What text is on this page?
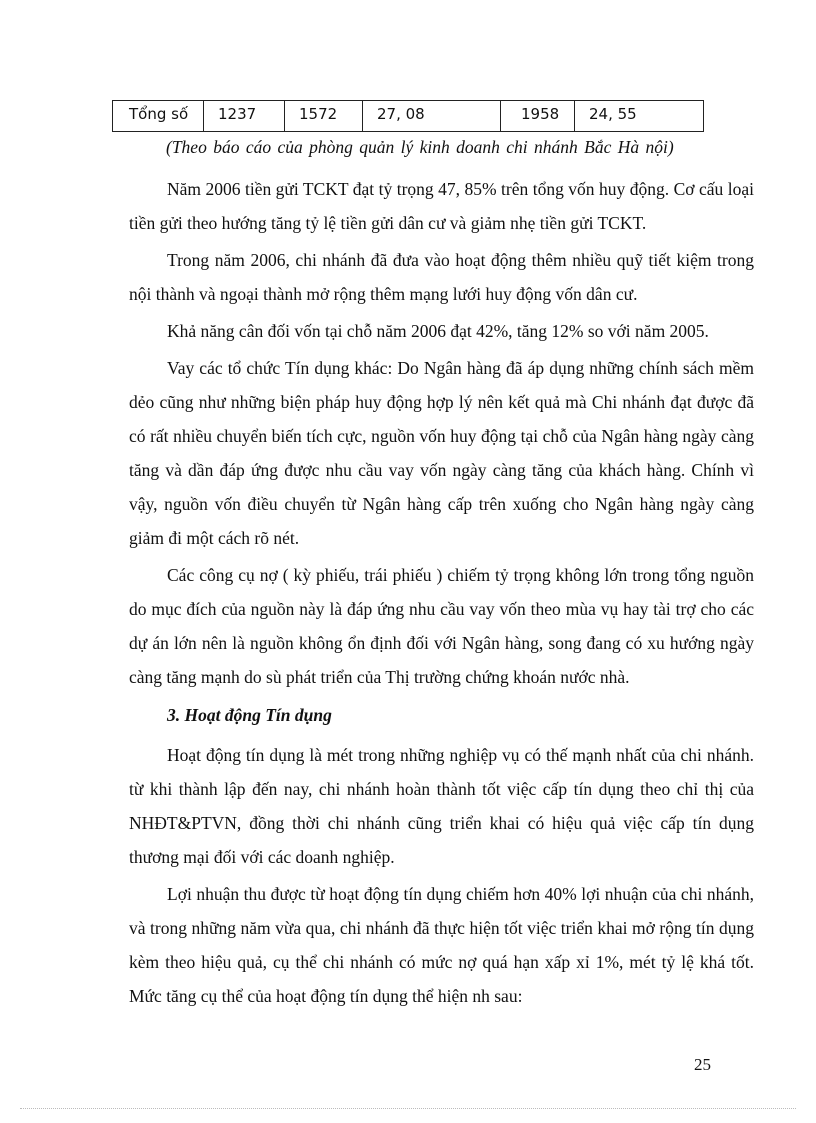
Tổng số	1237	1572	27, 08	1958	24, 55
(Theo báo cáo của phòng quản lý kinh doanh chi nhánh Bắc Hà nội)

Năm 2006 tiền gửi TCKT đạt tỷ trọng 47, 85% trên tổng vốn huy động. Cơ cấu loại tiền gửi theo hướng tăng tỷ lệ tiền gửi dân cư và giảm nhẹ tiền gửi TCKT.

Trong năm 2006, chi nhánh đã đưa vào hoạt động thêm nhiều quỹ tiết kiệm trong nội thành và ngoại thành mở rộng thêm mạng lưới huy động vốn dân cư.

Khả năng cân đối vốn tại chỗ năm 2006 đạt 42%, tăng 12% so với năm 2005.

Vay các tổ chức Tín dụng khác: Do Ngân hàng đã áp dụng những chính sách mềm dẻo cũng như những biện pháp huy động hợp lý nên kết quả mà Chi nhánh đạt được đã có rất nhiều chuyển biến tích cực, nguồn vốn huy động tại chỗ của Ngân hàng ngày càng tăng và dần đáp ứng được nhu cầu vay vốn ngày càng tăng của khách hàng. Chính vì vậy, nguồn vốn điều chuyển từ Ngân hàng cấp trên xuống cho Ngân hàng ngày càng giảm đi một cách rõ nét.

Các công cụ nợ ( kỳ phiếu, trái phiếu ) chiếm tỷ trọng không lớn trong tổng nguồn do mục đích của nguồn này là đáp ứng nhu cầu vay vốn theo mùa vụ hay tài trợ cho các dự án lớn nên là nguồn không ổn định đối với Ngân hàng, song đang có xu hướng ngày càng tăng mạnh do sù phát triển của Thị trường chứng khoán nước nhà.

3. Hoạt động Tín dụng

Hoạt động tín dụng là mét trong những nghiệp vụ có thế mạnh nhất của chi nhánh. từ khi thành lập đến nay, chi nhánh hoàn thành tốt việc cấp tín dụng theo chỉ thị của NHĐT&PTVN, đồng thời chi nhánh cũng triển khai có hiệu quả việc cấp tín dụng thương mại đối với các doanh nghiệp.

Lợi nhuận thu được từ hoạt động tín dụng chiếm hơn 40% lợi nhuận của chi nhánh, và trong những năm vừa qua, chi nhánh đã thực hiện tốt việc triển khai mở rộng tín dụng kèm theo hiệu quả, cụ thể chi nhánh có mức nợ quá hạn xấp xỉ 1%, mét tỷ lệ khá tốt. Mức tăng cụ thể của hoạt động tín dụng thể hiện nh sau:

25
